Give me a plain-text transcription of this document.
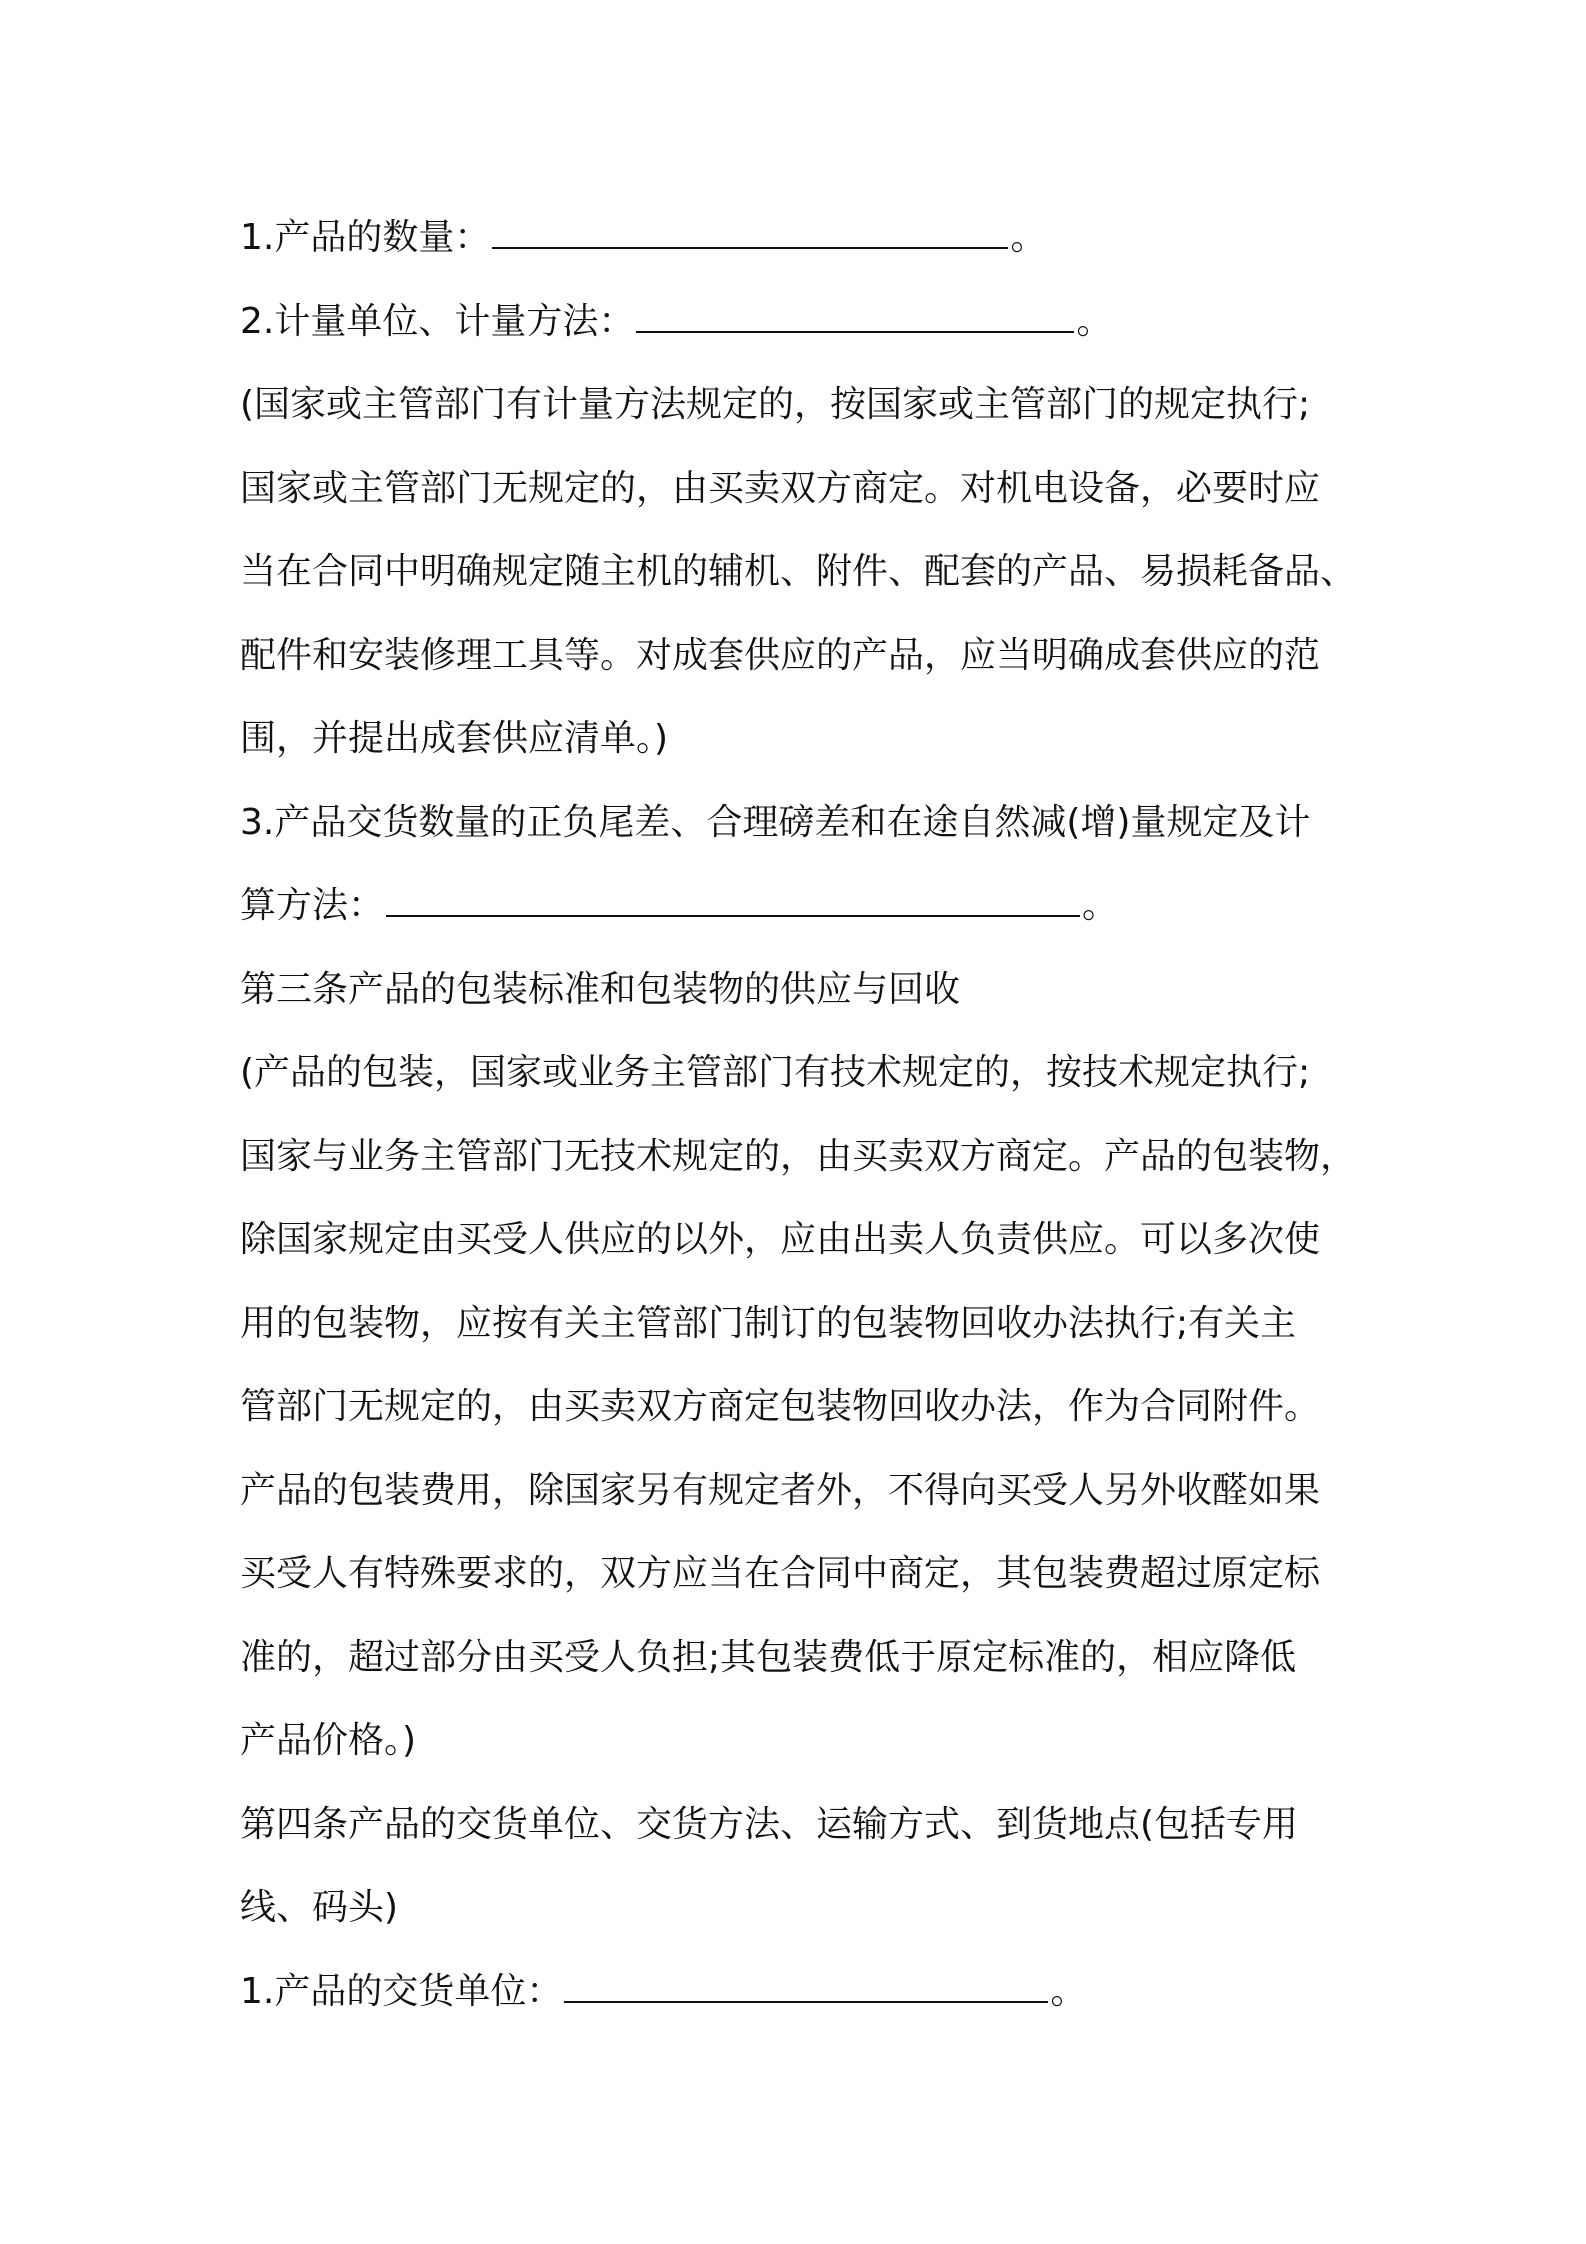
1.产品的数量：	。
2.计量单位、计量方法：	。
(国家或主管部门有计量方法规定的，按国家或主管部门的规定执行;
国家或主管部门无规定的，由买卖双方商定。对机电设备，必要时应
当在合同中明确规定随主机的辅机、附件、配套的产品、易损耗备品、
配件和安装修理工具等。对成套供应的产品，应当明确成套供应的范
围，并提出成套供应清单。)
3.产品交货数量的正负尾差、合理磅差和在途自然减(增)量规定及计
算方法：	。
第三条产品的包装标准和包装物的供应与回收
(产品的包装，国家或业务主管部门有技术规定的，按技术规定执行;
国家与业务主管部门无技术规定的，由买卖双方商定。产品的包装物，
除国家规定由买受人供应的以外，应由出卖人负责供应。可以多次使
用的包装物，应按有关主管部门制订的包装物回收办法执行;有关主
管部门无规定的，由买卖双方商定包装物回收办法，作为合同附件。
产品的包装费用，除国家另有规定者外，不得向买受人另外收醛如果
买受人有特殊要求的，双方应当在合同中商定，其包装费超过原定标
准的，超过部分由买受人负担;其包装费低于原定标准的，相应降低
产品价格。)
第四条产品的交货单位、交货方法、运输方式、到货地点(包括专用
线、码头)
1.产品的交货单位：	。
